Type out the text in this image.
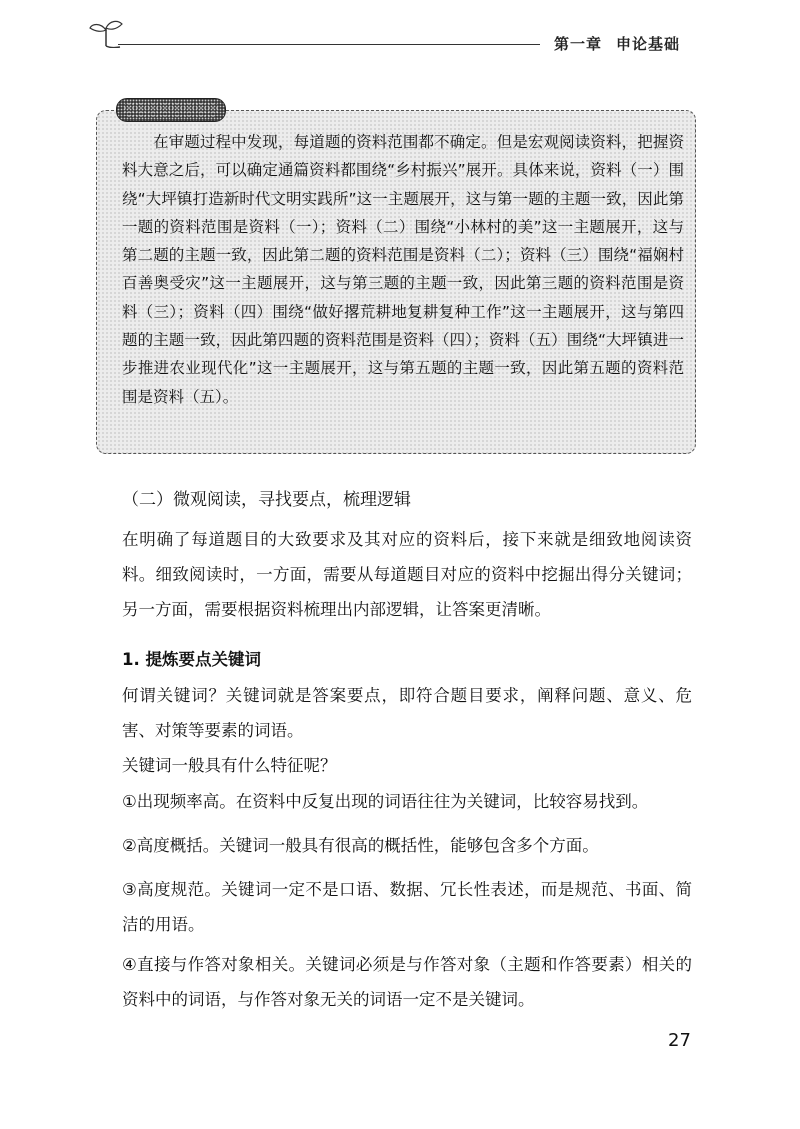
第一章 申论基础

在审题过程中发现，每道题的资料范围都不确定。但是宏观阅读资料，把握资料大意之后，可以确定通篇资料都围绕“乡村振兴”展开。具体来说，资料（一）围绕“大坪镇打造新时代文明实践所”这一主题展开，这与第一题的主题一致，因此第一题的资料范围是资料（一）；资料（二）围绕“小林村的美”这一主题展开，这与第二题的主题一致，因此第二题的资料范围是资料（二）；资料（三）围绕“福娴村百善奥受灾”这一主题展开，这与第三题的主题一致，因此第三题的资料范围是资料（三）；资料（四）围绕“做好撂荒耕地复耕复种工作”这一主题展开，这与第四题的主题一致，因此第四题的资料范围是资料（四）；资料（五）围绕“大坪镇进一步推进农业现代化”这一主题展开，这与第五题的主题一致，因此第五题的资料范围是资料（五）。

（二）微观阅读，寻找要点，梳理逻辑

在明确了每道题目的大致要求及其对应的资料后，接下来就是细致地阅读资料。细致阅读时，一方面，需要从每道题目对应的资料中挖掘出得分关键词；另一方面，需要根据资料梳理出内部逻辑，让答案更清晰。

1. 提炼要点关键词

何谓关键词？关键词就是答案要点，即符合题目要求，阐释问题、意义、危害、对策等要素的词语。

关键词一般具有什么特征呢？

①出现频率高。在资料中反复出现的词语往往为关键词，比较容易找到。

②高度概括。关键词一般具有很高的概括性，能够包含多个方面。

③高度规范。关键词一定不是口语、数据、冗长性表述，而是规范、书面、简洁的用语。

④直接与作答对象相关。关键词必须是与作答对象（主题和作答要素）相关的资料中的词语，与作答对象无关的词语一定不是关键词。

27
